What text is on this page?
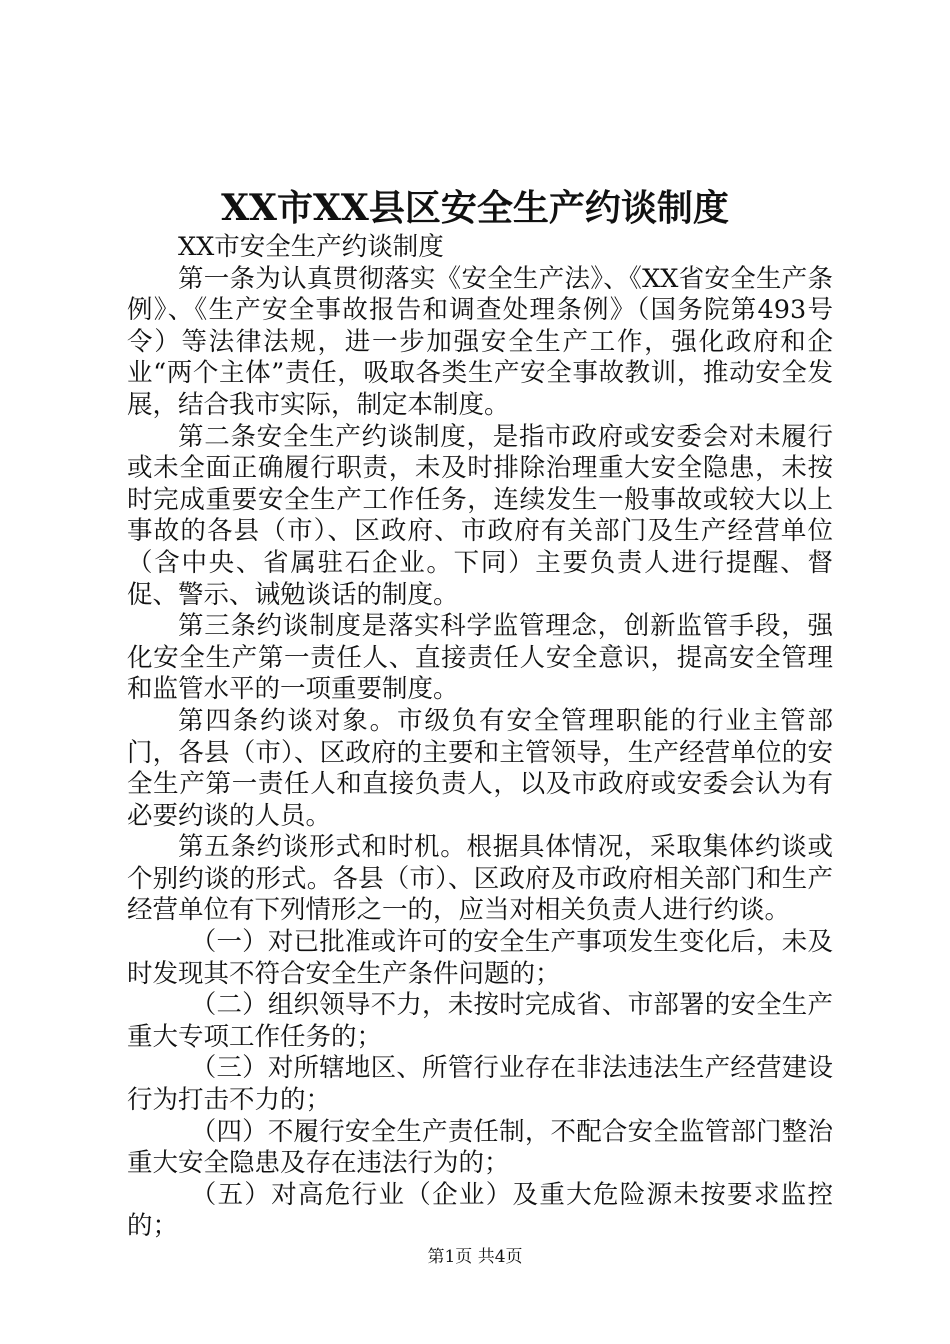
XX市XX县区安全生产约谈制度

XX市安全生产约谈制度

第一条为认真贯彻落实《安全生产法》、《XX省安全生产条例》、《生产安全事故报告和调查处理条例》（国务院第493号令）等法律法规，进一步加强安全生产工作，强化政府和企业“两个主体”责任，吸取各类生产安全事故教训，推动安全发展，结合我市实际，制定本制度。

第二条安全生产约谈制度，是指市政府或安委会对未履行或未全面正确履行职责，未及时排除治理重大安全隐患，未按时完成重要安全生产工作任务，连续发生一般事故或较大以上事故的各县（市）、区政府、市政府有关部门及生产经营单位（含中央、省属驻石企业。下同）主要负责人进行提醒、督促、警示、诫勉谈话的制度。

第三条约谈制度是落实科学监管理念，创新监管手段，强化安全生产第一责任人、直接责任人安全意识，提高安全管理和监管水平的一项重要制度。

第四条约谈对象。市级负有安全管理职能的行业主管部门，各县（市）、区政府的主要和主管领导，生产经营单位的安全生产第一责任人和直接负责人，以及市政府或安委会认为有必要约谈的人员。

第五条约谈形式和时机。根据具体情况，采取集体约谈或个别约谈的形式。各县（市）、区政府及市政府相关部门和生产经营单位有下列情形之一的，应当对相关负责人进行约谈。

（一）对已批准或许可的安全生产事项发生变化后，未及时发现其不符合安全生产条件问题的；

（二）组织领导不力，未按时完成省、市部署的安全生产重大专项工作任务的；

（三）对所辖地区、所管行业存在非法违法生产经营建设行为打击不力的；

（四）不履行安全生产责任制，不配合安全监管部门整治重大安全隐患及存在违法行为的；

（五）对高危行业（企业）及重大危险源未按要求监控的；

第1页 共4页
